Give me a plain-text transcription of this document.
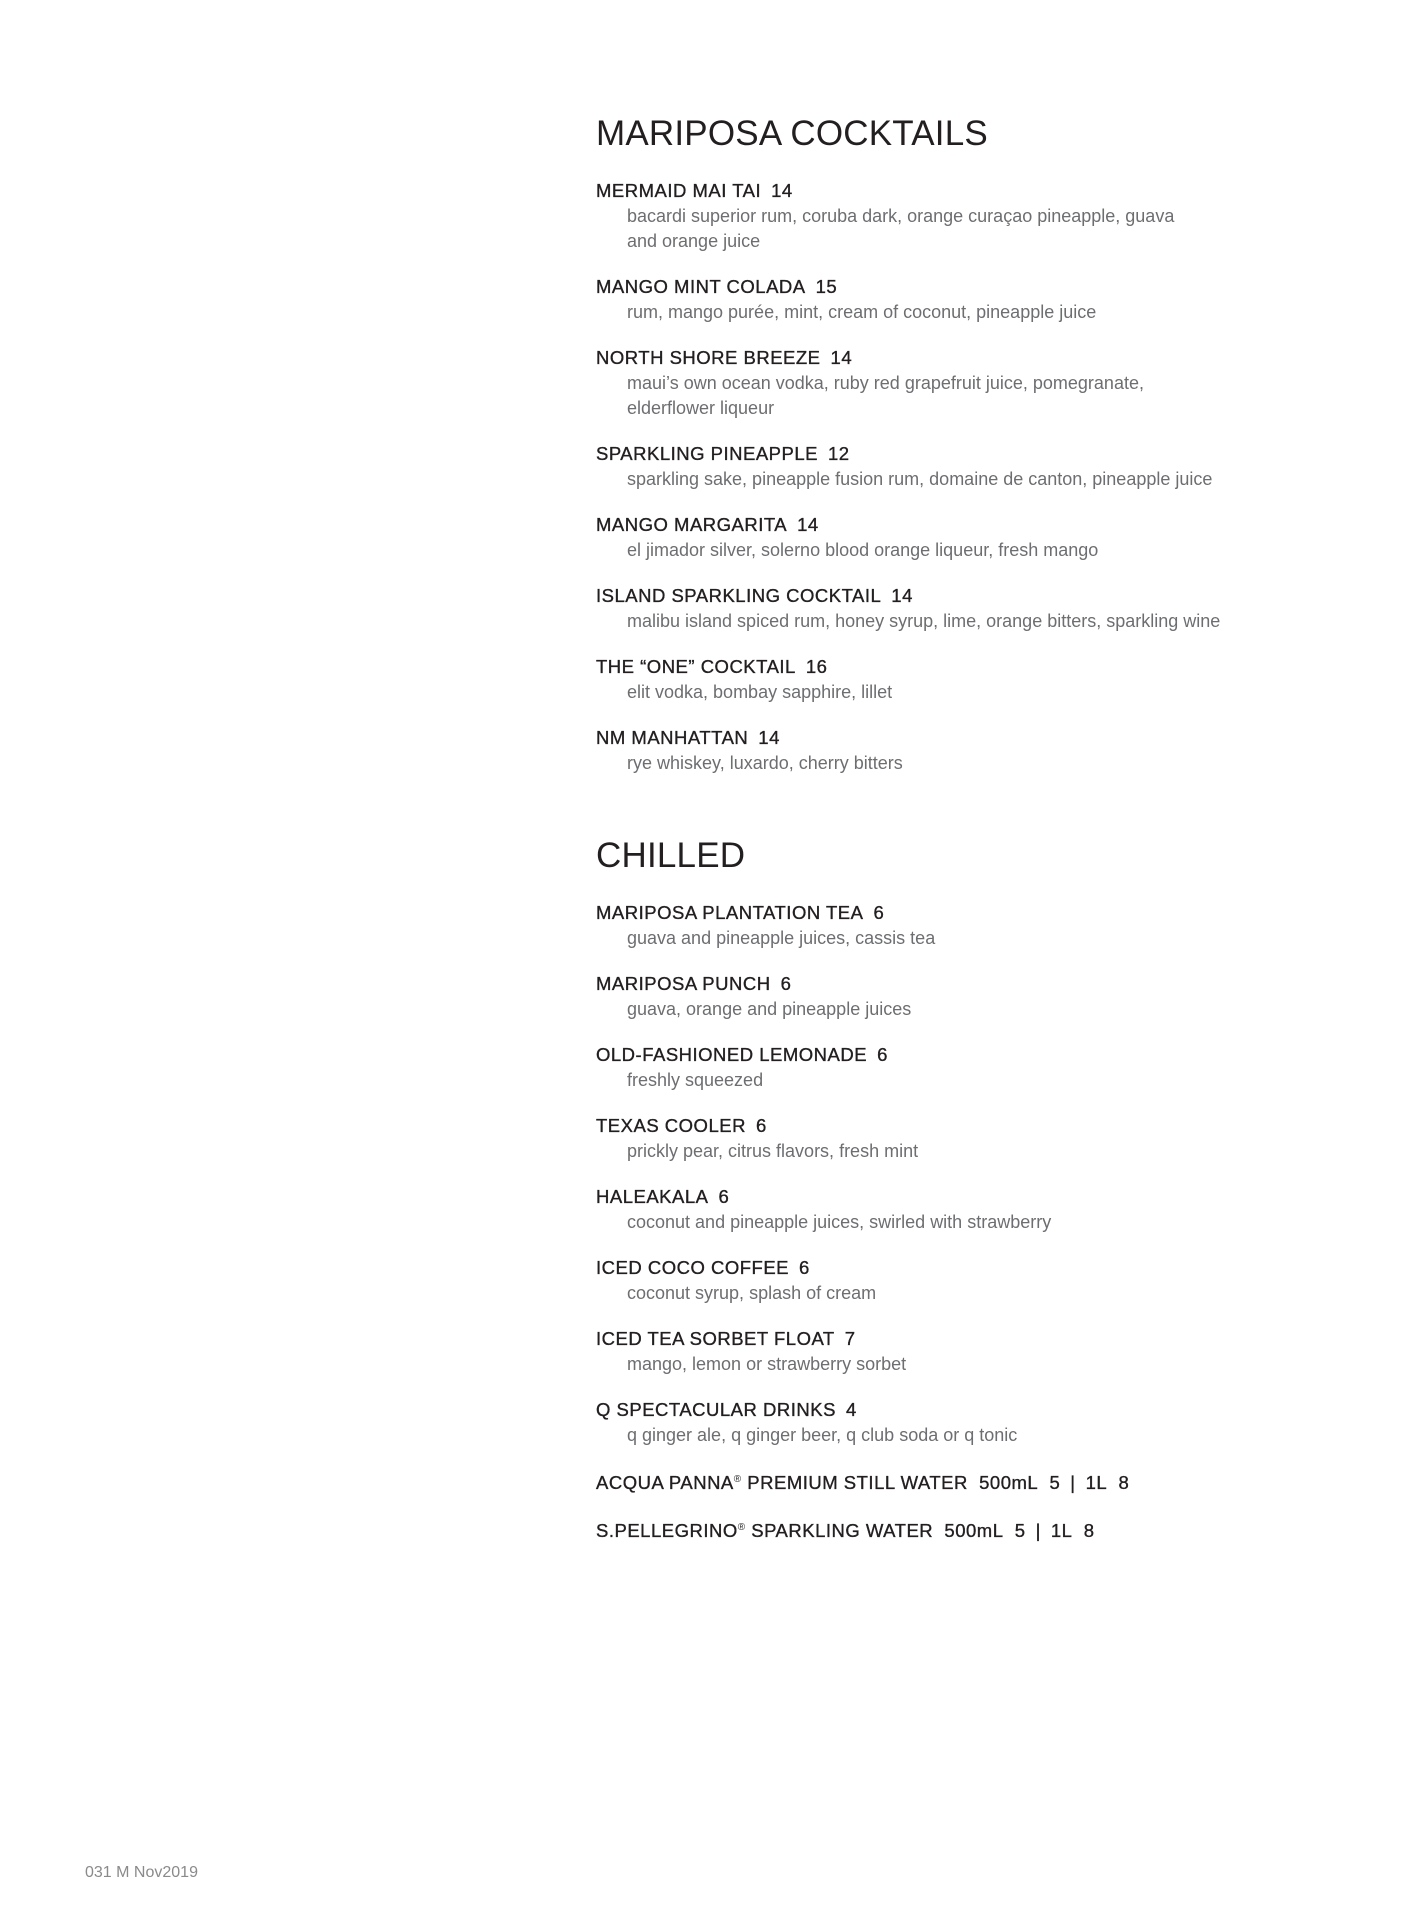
MARIPOSA COCKTAILS
MERMAID MAI TAI 14
bacardi superior rum, coruba dark, orange curaçao pineapple, guava and orange juice
MANGO MINT COLADA 15
rum, mango purée, mint, cream of coconut, pineapple juice
NORTH SHORE BREEZE 14
maui’s own ocean vodka, ruby red grapefruit juice, pomegranate, elderflower liqueur
SPARKLING PINEAPPLE 12
sparkling sake, pineapple fusion rum, domaine de canton, pineapple juice
MANGO MARGARITA 14
el jimador silver, solerno blood orange liqueur, fresh mango
ISLAND SPARKLING COCKTAIL 14
malibu island spiced rum, honey syrup, lime, orange bitters, sparkling wine
THE “ONE” COCKTAIL 16
elit vodka, bombay sapphire, lillet
NM MANHATTAN 14
rye whiskey, luxardo, cherry bitters
CHILLED
MARIPOSA PLANTATION TEA 6
guava and pineapple juices, cassis tea
MARIPOSA PUNCH 6
guava, orange and pineapple juices
OLD-FASHIONED LEMONADE 6
freshly squeezed
TEXAS COOLER 6
prickly pear, citrus flavors, fresh mint
HALEAKALA 6
coconut and pineapple juices, swirled with strawberry
ICED COCO COFFEE 6
coconut syrup, splash of cream
ICED TEA SORBET FLOAT 7
mango, lemon or strawberry sorbet
Q SPECTACULAR DRINKS 4
q ginger ale, q ginger beer, q club soda or q tonic
ACQUA PANNA® PREMIUM STILL WATER 500mL 5 | 1L 8
S.PELLEGRINO® SPARKLING WATER 500mL 5 | 1L 8
031 M Nov2019
